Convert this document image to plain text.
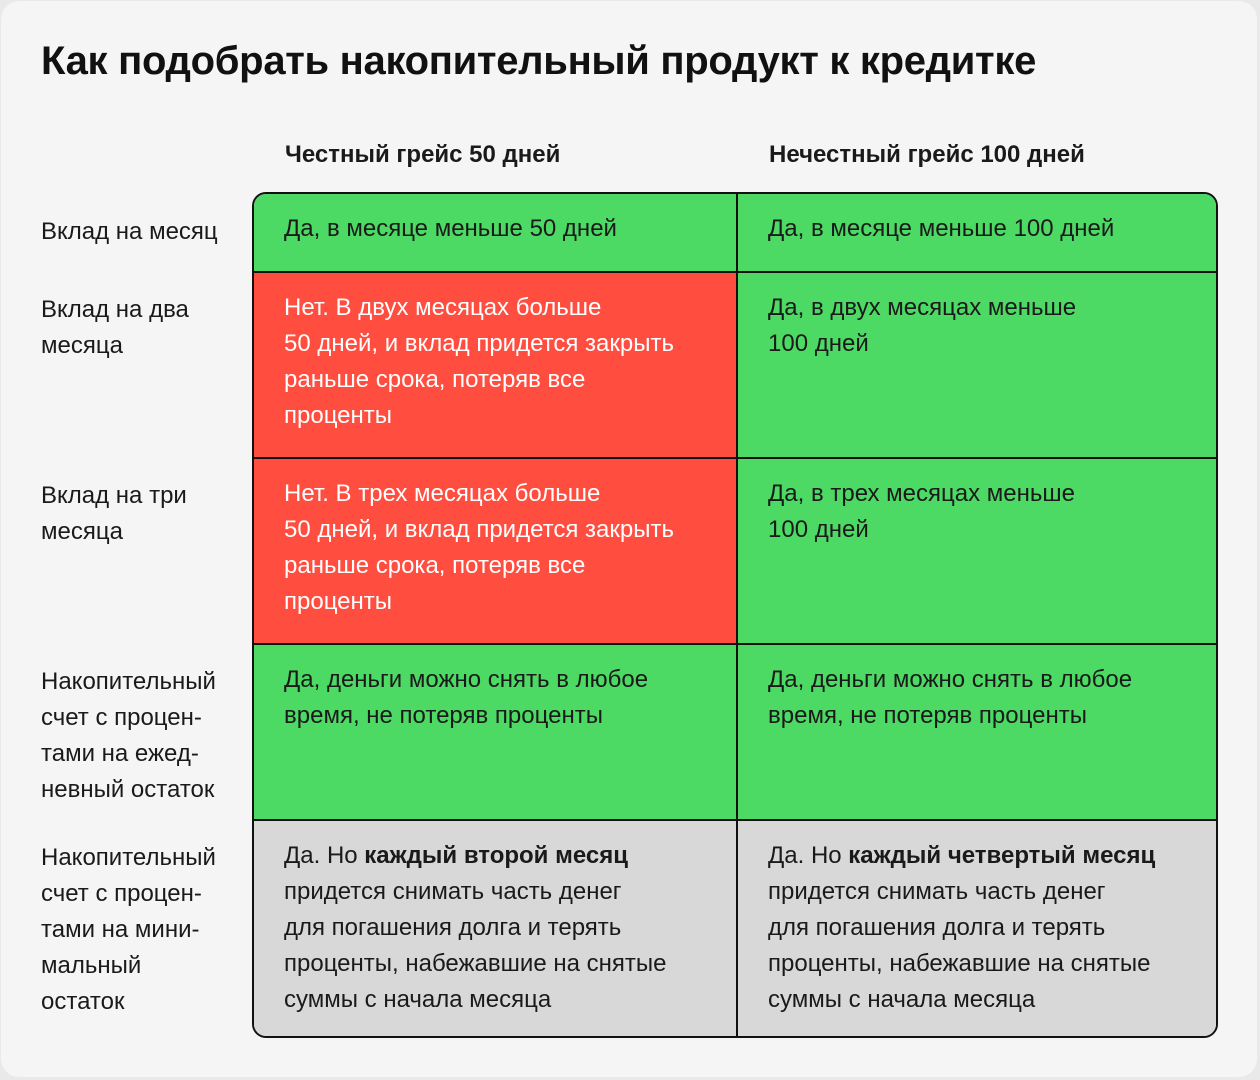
Как подобрать накопительный продукт к кредитке
Честный грейс 50 дней	Нечестный грейс 100 дней
Вклад на месяц
Вклад на два
месяца
Вклад на три
месяца
Накопительный
счет с процен-
тами на ежед-
невный остаток
Накопительный
счет с процен-
тами на мини-
мальный
остаток
Да, в месяце меньше 50 дней	Да, в месяце меньше 100 дней
Нет. В двух месяцах больше
50 дней, и вклад придется закрыть
раньше срока, потеряв все
проценты
Да, в двух месяцах меньше
100 дней
Нет. В трех месяцах больше
50 дней, и вклад придется закрыть
раньше срока, потеряв все
проценты
Да, в трех месяцах меньше
100 дней
Да, деньги можно снять в любое
время, не потеряв проценты
Да, деньги можно снять в любое
время, не потеряв проценты
Да. Но каждый второй месяц
придется снимать часть денег
для погашения долга и терять
проценты, набежавшие на снятые
суммы с начала месяца
Да. Но каждый четвертый месяц
придется снимать часть денег
для погашения долга и терять
проценты, набежавшие на снятые
суммы с начала месяца
